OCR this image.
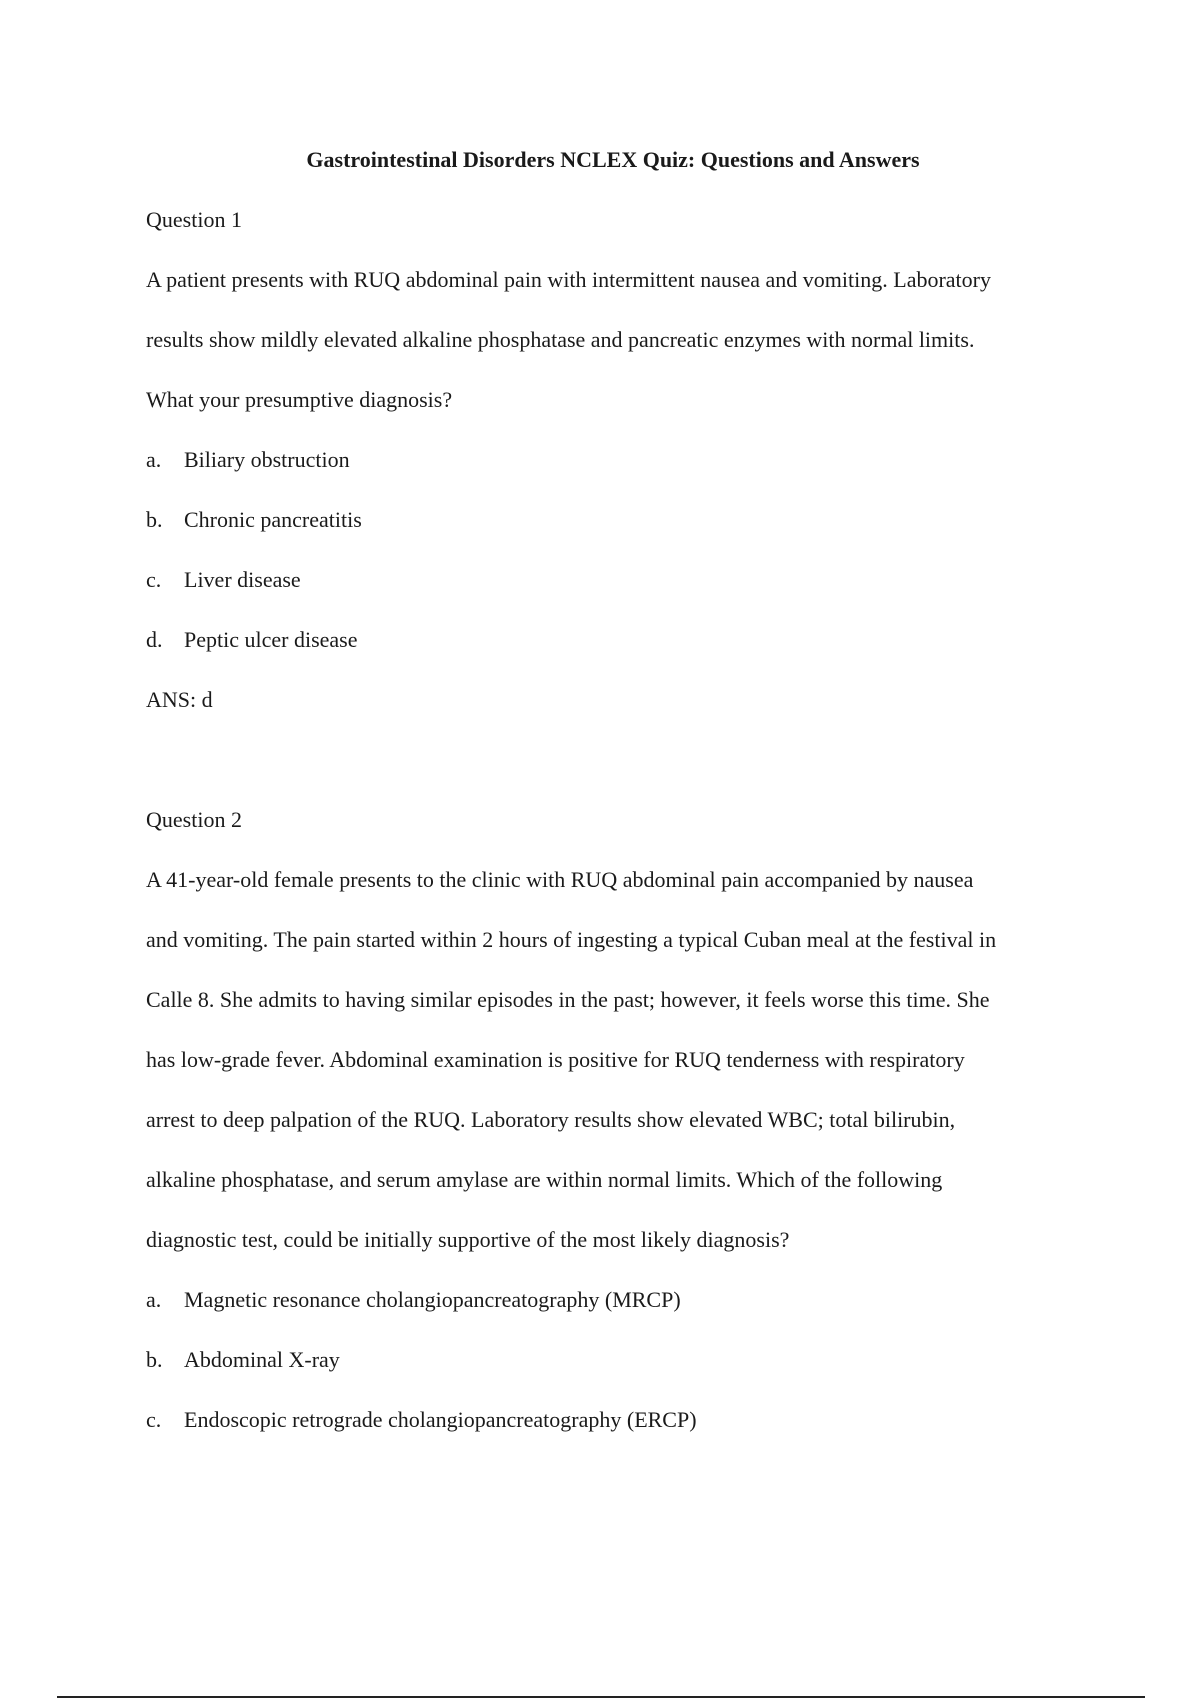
Gastrointestinal Disorders NCLEX Quiz: Questions and Answers
Question 1
A patient presents with RUQ abdominal pain with intermittent nausea and vomiting. Laboratory
results show mildly elevated alkaline phosphatase and pancreatic enzymes with normal limits.
What your presumptive diagnosis?
a.	Biliary obstruction
b. Chronic pancreatitis
c.	Liver disease
d. Peptic ulcer disease
ANS: d
Question 2
A 41-year-old female presents to the clinic with RUQ abdominal pain accompanied by nausea
and vomiting. The pain started within 2 hours of ingesting a typical Cuban meal at the festival in
Calle 8. She admits to having similar episodes in the past; however, it feels worse this time. She
has low-grade fever. Abdominal examination is positive for RUQ tenderness with respiratory
arrest to deep palpation of the RUQ. Laboratory results show elevated WBC; total bilirubin,
alkaline phosphatase, and serum amylase are within normal limits. Which of the following
diagnostic test, could be initially supportive of the most likely diagnosis?
a.	Magnetic resonance cholangiopancreatography (MRCP)
b. Abdominal X-ray
c.	Endoscopic retrograde cholangiopancreatography (ERCP)
